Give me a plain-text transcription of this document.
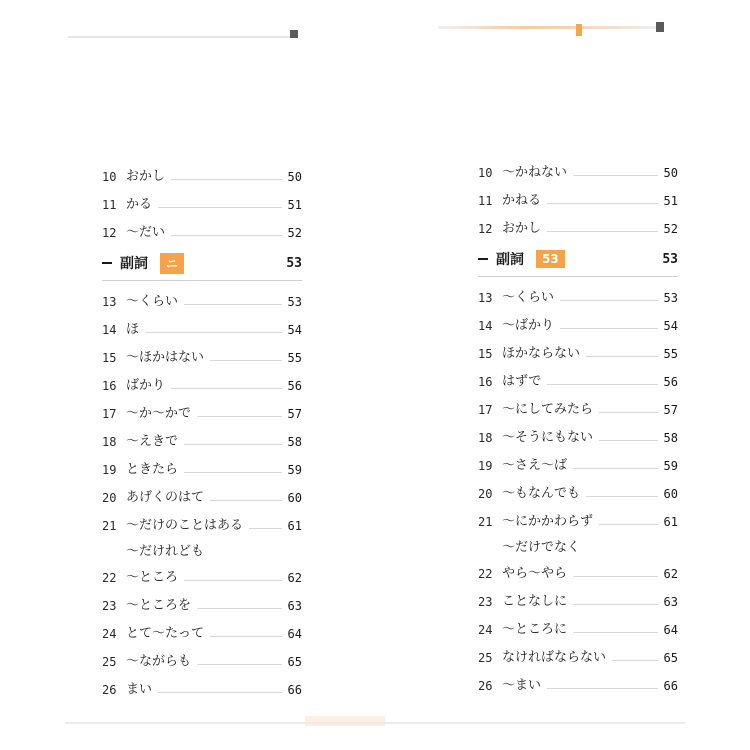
10 おかし	50
11 かる	51
12 〜だい	52
副詞	ニ	53
13 〜くらい	53
14 ほ	54
15 〜ほかはない	55
16 ばかり	56
17 〜か〜かで	57
18 〜えきで	58
19 ときたら	59
20 あげくのはて	60
21 〜だけのことはある	61
〜だけれども
22 〜ところ	62
23 〜ところを	63
24 とて〜たって	64
25 〜ながらも	65
26 まい	66
10 〜かねない	50
11 かねる	51
12 おかし	52
副詞	53	53
13 〜くらい	53
14 〜ばかり	54
15 ほかならない	55
16 はずで	56
17 〜にしてみたら	57
18 〜そうにもない	58
19 〜さえ〜ば	59
20 〜もなんでも	60
21 〜にかかわらず	61
〜だけでなく
22 やら〜やら	62
23 ことなしに	63
24 〜ところに	64
25 なければならない	65
26 〜まい	66
